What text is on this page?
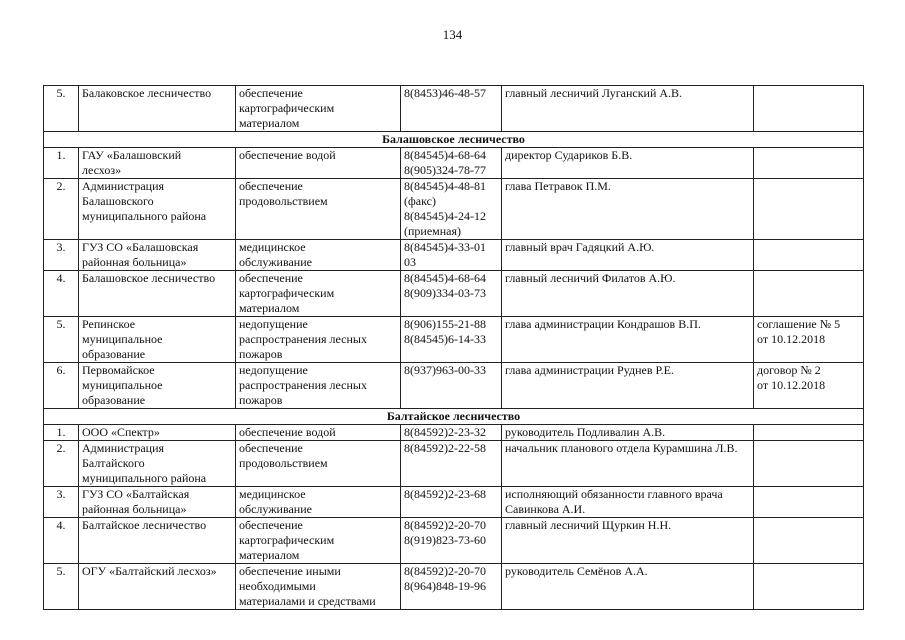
134
5.	Балаковское лесничество	обеспечение
картографическим
материалом	8(8453)46-48-57	главный лесничий Луганский А.В.	
Балашовское лесничество					
1.	ГАУ «Балашовский
лесхоз»	обеспечение водой	8(84545)4-68-64
8(905)324-78-77	директор Судариков Б.В.	
2.	Администрация
Балашовского
муниципального района	обеспечение
продовольствием	8(84545)4-48-81
(факс)
8(84545)4-24-12
(приемная)	глава Петравок П.М.	
3.	ГУЗ СО «Балашовская
районная больница»	медицинское
обслуживание	8(84545)4-33-01
03	главный врач Гадяцкий А.Ю.	
4.	Балашовское лесничество	обеспечение
картографическим
материалом	8(84545)4-68-64
8(909)334-03-73	главный лесничий Филатов А.Ю.	
5.	Репинское
муниципальное
образование	недопущение
распространения лесных
пожаров	8(906)155-21-88
8(84545)6-14-33	глава администрации Кондрашов В.П.	соглашение № 5
от 10.12.2018
6.	Первомайское
муниципальное
образование	недопущение
распространения лесных
пожаров	8(937)963-00-33	глава администрации Руднев Р.Е.	договор № 2
от 10.12.2018
Балтайское лесничество					
1.	ООО «Спектр»	обеспечение водой	8(84592)2-23-32	руководитель Подливалин А.В.	
2.	Администрация
Балтайского
муниципального района	обеспечение
продовольствием	8(84592)2-22-58	начальник планового отдела Курамшина Л.В.	
3.	ГУЗ СО «Балтайская
районная больница»	медицинское
обслуживание	8(84592)2-23-68	исполняющий обязанности главного врача
Савинкова А.И.	
4.	Балтайское лесничество	обеспечение
картографическим
материалом	8(84592)2-20-70
8(919)823-73-60	главный лесничий Щуркин Н.Н.	
5.	ОГУ «Балтайский лесхоз»	обеспечение иными
необходимыми
материалами и средствами	8(84592)2-20-70
8(964)848-19-96	руководитель Семёнов А.А.	
